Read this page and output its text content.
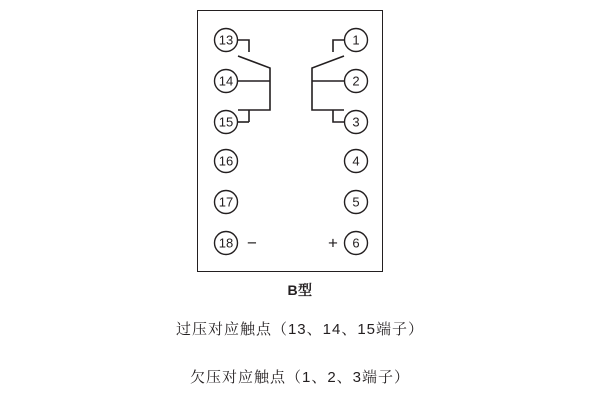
13
14
15
16
17
18
1
2
3
4
5
6
−	+
B型
过压对应触点（13、14、15端子）
欠压对应触点（1、2、3端子）
